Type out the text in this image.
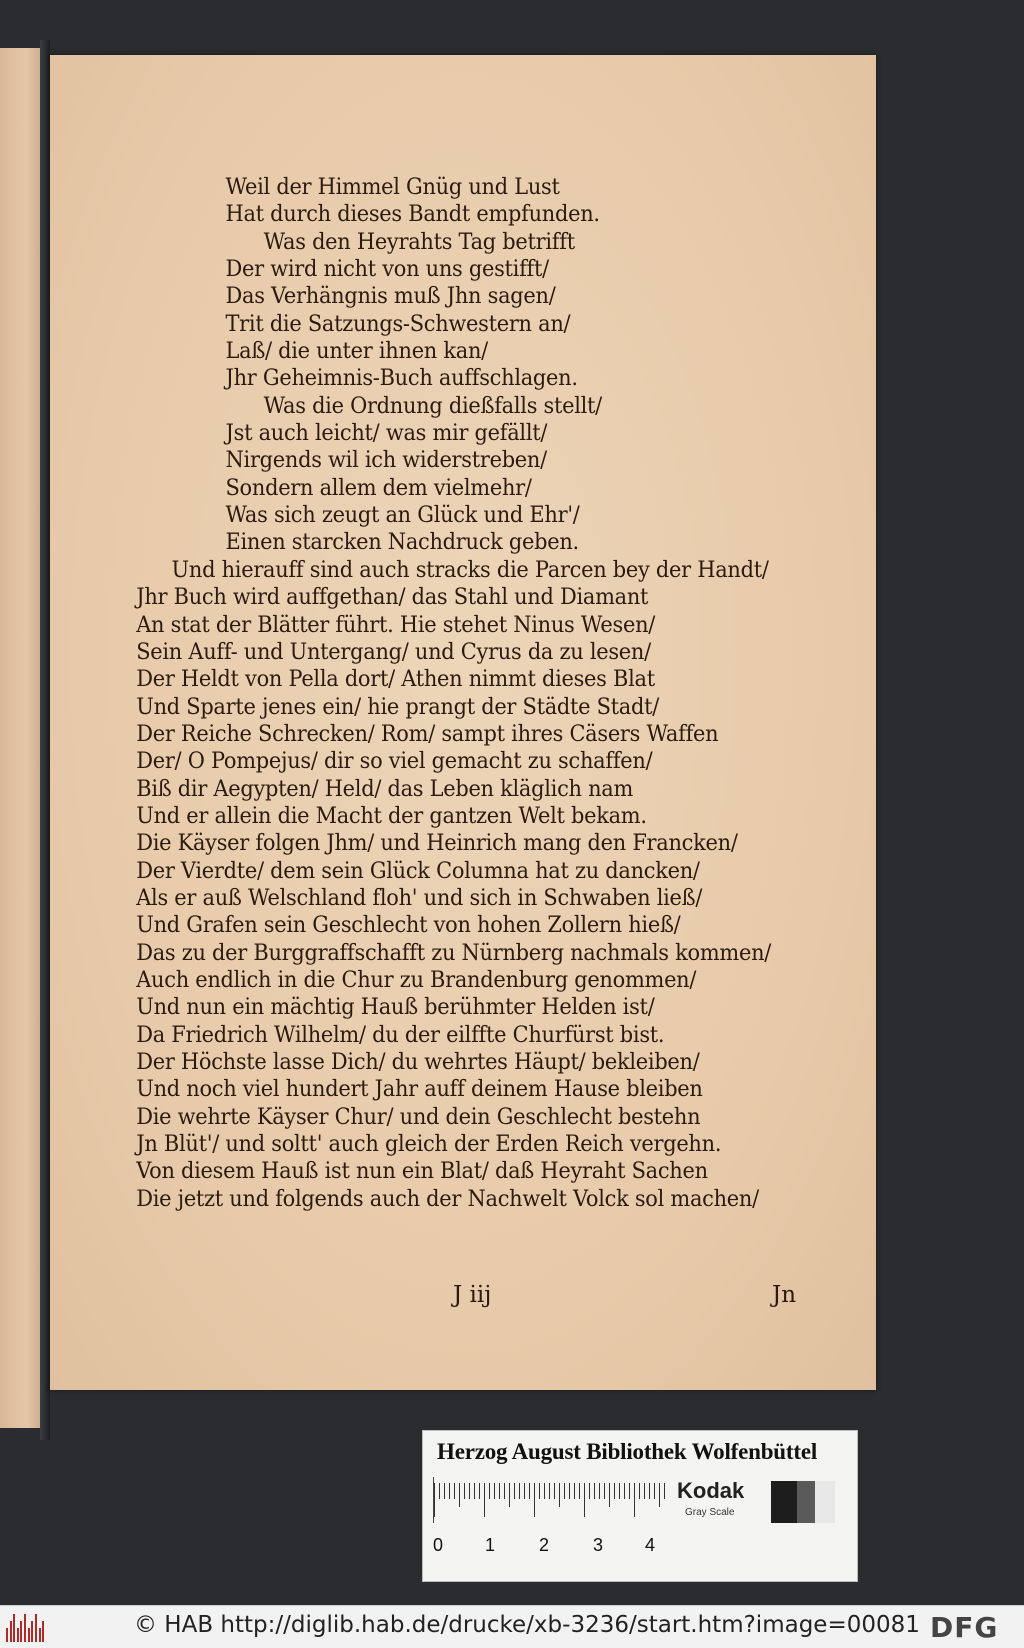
Weil der Himmel Gnüg und Lust
Hat durch dieses Bandt empfunden.
Was den Heyrahts Tag betrifft
Der wird nicht von uns gestifft/
Das Verhängnis muß Jhn sagen/
Trit die Satzungs-Schwestern an/
Laß/ die unter ihnen kan/
Jhr Geheimnis-Buch auffschlagen.
Was die Ordnung dießfalls stellt/
Jst auch leicht/ was mir gefällt/
Nirgends wil ich widerstreben/
Sondern allem dem vielmehr/
Was sich zeugt an Glück und Ehr'/
Einen starcken Nachdruck geben.
Und hierauff sind auch stracks die Parcen bey der Handt/
Jhr Buch wird auffgethan/ das Stahl und Diamant
An stat der Blätter führt. Hie stehet Ninus Wesen/
Sein Auff- und Untergang/ und Cyrus da zu lesen/
Der Heldt von Pella dort/ Athen nimmt dieses Blat
Und Sparte jenes ein/ hie prangt der Städte Stadt/
Der Reiche Schrecken/ Rom/ sampt ihres Cäsers Waffen
Der/ O Pompejus/ dir so viel gemacht zu schaffen/
Biß dir Aegypten/ Held/ das Leben kläglich nam
Und er allein die Macht der gantzen Welt bekam.
Die Käyser folgen Jhm/ und Heinrich mang den Francken/
Der Vierdte/ dem sein Glück Columna hat zu dancken/
Als er auß Welschland floh' und sich in Schwaben ließ/
Und Grafen sein Geschlecht von hohen Zollern hieß/
Das zu der Burggraffschafft zu Nürnberg nachmals kommen/
Auch endlich in die Chur zu Brandenburg genommen/
Und nun ein mächtig Hauß berühmter Helden ist/
Da Friedrich Wilhelm/ du der eilffte Churfürst bist.
Der Höchste lasse Dich/ du wehrtes Häupt/ bekleiben/
Und noch viel hundert Jahr auff deinem Hause bleiben
Die wehrte Käyser Chur/ und dein Geschlecht bestehn
Jn Blüt'/ und soltt' auch gleich der Erden Reich vergehn.
Von diesem Hauß ist nun ein Blat/ daß Heyraht Sachen
Die jetzt und folgends auch der Nachwelt Volck sol machen/
J iij	Jn
Herzog August Bibliothek Wolfenbüttel
0 1 2 3 4
Kodak
Gray Scale
© HAB http://diglib.hab.de/drucke/xb-3236/start.htm?image=00081 DFG
